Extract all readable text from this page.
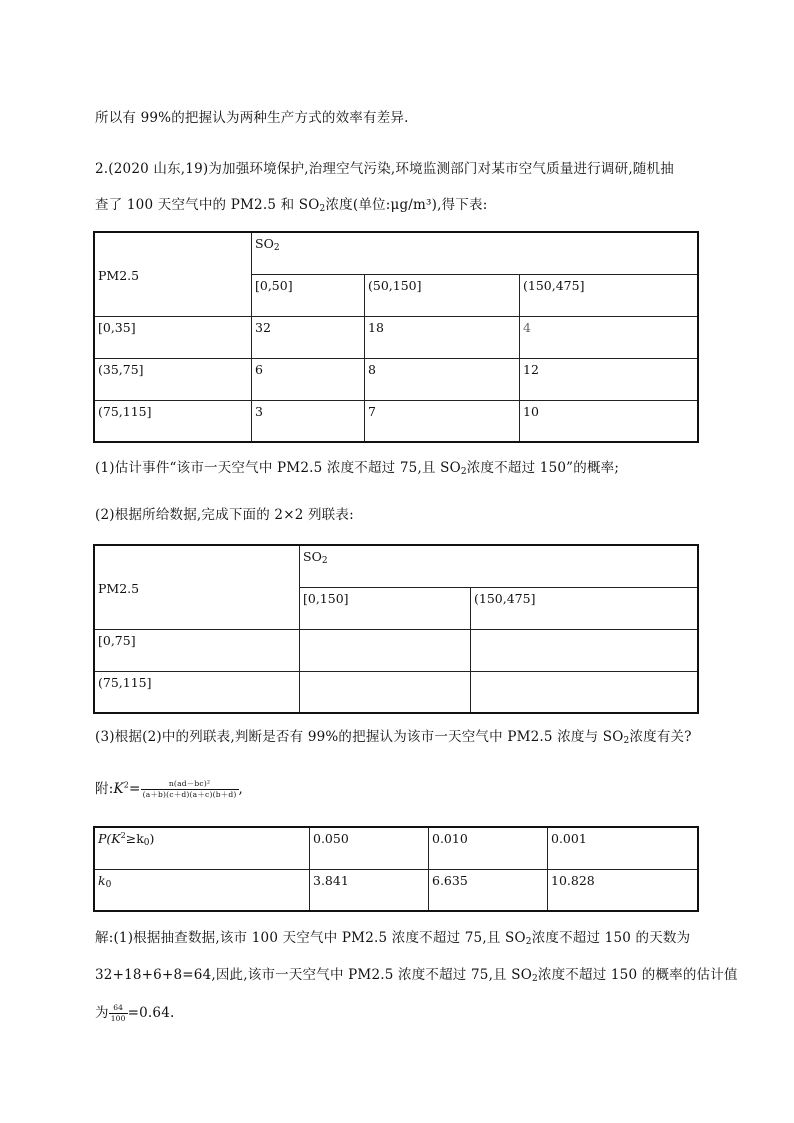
所以有 99%的把握认为两种生产方式的效率有差异.
2.(2020 山东,19)为加强环境保护,治理空气污染,环境监测部门对某市空气质量进行调研,随机抽
查了 100 天空气中的 PM2.5 和 $SO_2$浓度(单位:μg/m³),得下表:
PM2.5	$SO_2$
	[0,50]	(50,150]	(150,475]
[0,35]	32	18	4
(35,75]	6	8	12
(75,115]	3	7	10
(1)估计事件“该市一天空气中 PM2.5 浓度不超过 75,且 $SO_2$浓度不超过 150”的概率;
(2)根据所给数据,完成下面的 2×2 列联表:
PM2.5	$SO_2$
	[0,150]	(150,475]
[0,75]		
(75,115]		
(3)根据(2)中的列联表,判断是否有 99%的把握认为该市一天空气中 PM2.5 浓度与 $SO_2$浓度有关?
附$:K^2= \frac{\text{n(ad－bc)²}}{(a+b)(c+d)(a+c)(b+d)}$ ,
$P(K^2\ge k_0)$	0.050	0.010	0.001
$k_0$	3.841	6.635	10.828
解:(1)根据抽查数据,该市 100 天空气中 PM2.5 浓度不超过 75,且 $SO_2$浓度不超过 150 的天数为
32+18+6+8=64,因此,该市一天空气中 PM2.5 浓度不超过 75,且 $SO_2$浓度不超过 150 的概率的估计值
为 $\frac{64}{100} =0.64$.
